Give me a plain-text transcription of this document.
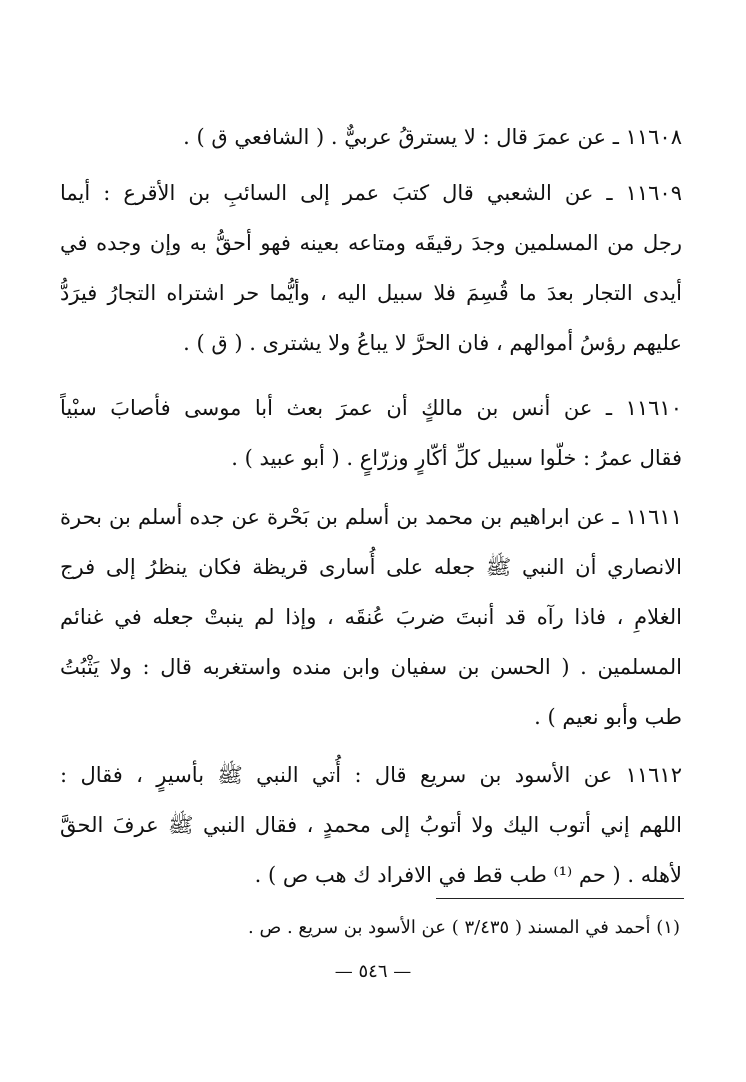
١١٦٠٨ ـ عن عمرَ قال : لا يسترقُ عربيٌّ . ( الشافعي ق ) .
١١٦٠٩ ـ عن الشعبي قال كتبَ عمر إلى السائبِ بن الأقرع : أيما
رجل من المسلمين وجدَ رقيقَه ومتاعه بعينه فهو أحقُّ به وإن وجده في
أيدى التجار بعدَ ما قُسِمَ فلا سبيل اليه ، وأيُّما حر اشتراه التجارُ فيرَدُّ
عليهم رؤسُ أموالهم ، فان الحرَّ لا يباعُ ولا يشترى . ( ق ) .
١١٦١٠ ـ عن أنس بن مالكٍ أن عمرَ بعث أبا موسى فأصابَ سبْياً
فقال عمرُ : خلّوا سبيل كلِّ أكّارٍ وزرّاعٍ . ( أبو عبيد ) .
١١٦١١ ـ عن ابراهيم بن محمد بن أسلم بن بَحْرة عن جده أسلم بن بحرة
الانصاري أن النبي ﷺ جعله على أُسارى قريظة فكان ينظرُ إلى فرج
الغلامِ ، فاذا رآه قد أنبتَ ضربَ عُنقَه ، وإذا لم ينبتْ جعله في غنائم
المسلمين . ( الحسن بن سفيان وابن منده واستغربه قال : ولا يَثْبُتُ
طب وأبو نعيم ) .
١١٦١٢ عن الأسود بن سريع قال : أُتي النبي ﷺ بأسيرٍ ، فقال :
اللهم إني أتوب اليك ولا أتوبُ إلى محمدٍ ، فقال النبي ﷺ عرفَ الحقَّ
لأهله . ( حم ⁽¹⁾ طب قط في الافراد ك هب ص ) .
(١) أحمد في المسند ( ٣/٤٣٥ ) عن الأسود بن سريع . ص .
— ٥٤٦ —
